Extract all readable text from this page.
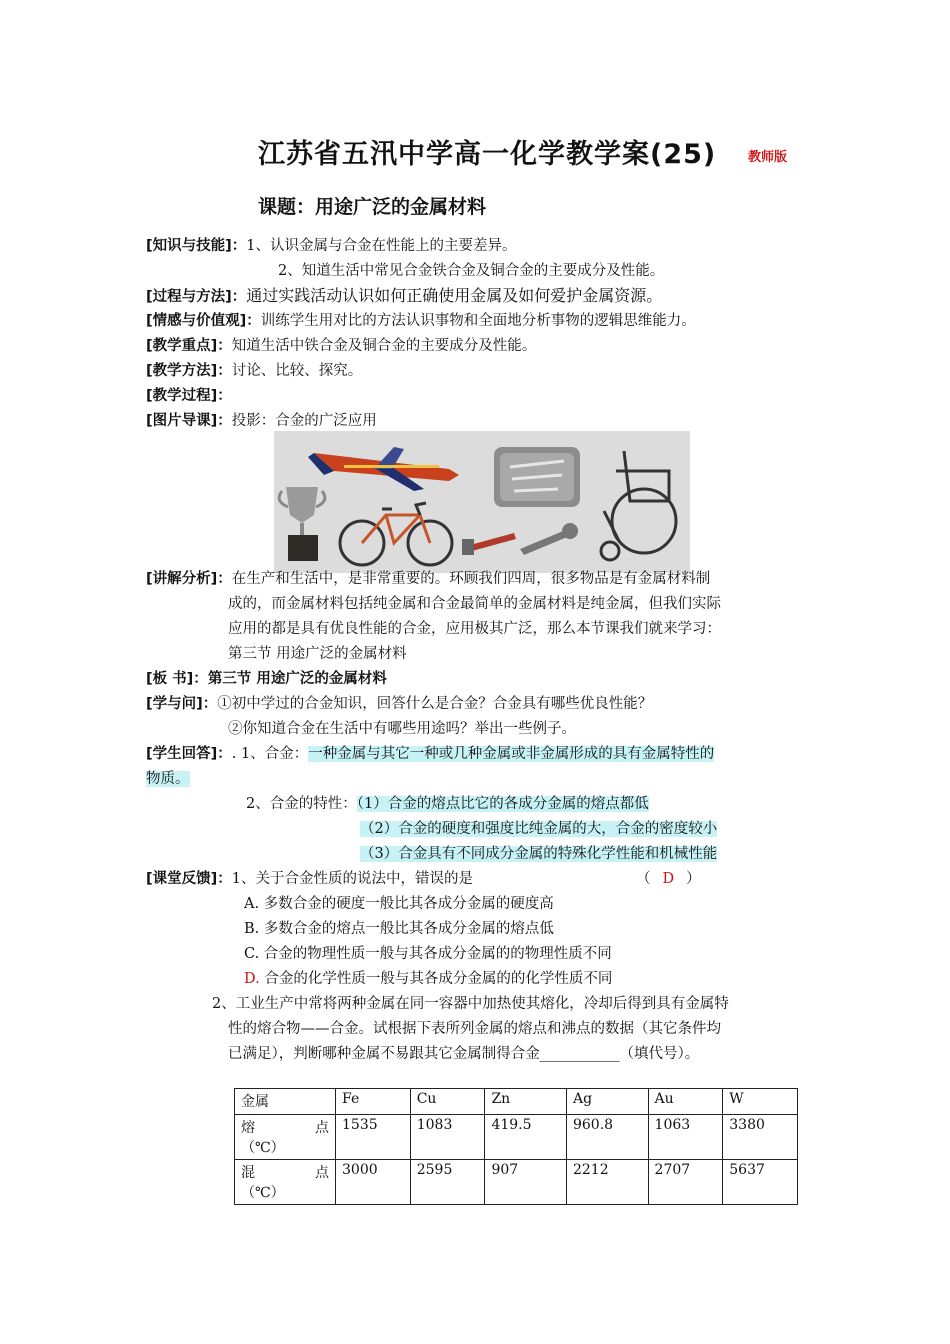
江苏省五汛中学高一化学教学案(25) 教师版
课题：用途广泛的金属材料
[知识与技能]：1、认识金属与合金在性能上的主要差异。
2、知道生活中常见合金铁合金及铜合金的主要成分及性能。
[过程与方法]：通过实践活动认识如何正确使用金属及如何爱护金属资源。
[情感与价值观]：训练学生用对比的方法认识事物和全面地分析事物的逻辑思维能力。
[教学重点]：知道生活中铁合金及铜合金的主要成分及性能。
[教学方法]：讨论、比较、探究。
[教学过程]：
[图片导课]：投影：合金的广泛应用
[讲解分析]：在生产和生活中，是非常重要的。环顾我们四周，很多物品是有金属材料制
成的，而金属材料包括纯金属和合金最简单的金属材料是纯金属，但我们实际
应用的都是具有优良性能的合金，应用极其广泛，那么本节课我们就来学习：
第三节 用途广泛的金属材料
[板 书]：第三节 用途广泛的金属材料
[学与问]：①初中学过的合金知识，回答什么是合金？合金具有哪些优良性能？
②你知道合金在生活中有哪些用途吗？举出一些例子。
[学生回答]：. 1、合金：一种金属与其它一种或几种金属或非金属形成的具有金属特性的
物质。
2、合金的特性：（1）合金的熔点比它的各成分金属的熔点都低
（2）合金的硬度和强度比纯金属的大，合金的密度较小
（3）合金具有不同成分金属的特殊化学性能和机械性能
[课堂反馈]：1、关于合金性质的说法中，错误的是	（ D ）
A. 多数合金的硬度一般比其各成分金属的硬度高
B. 多数合金的熔点一般比其各成分金属的熔点低
C. 合金的物理性质一般与其各成分金属的的物理性质不同
D. 合金的化学性质一般与其各成分金属的的化学性质不同
2、工业生产中常将两种金属在同一容器中加热使其熔化，冷却后得到具有金属特
性的熔合物——合金。试根据下表所列金属的熔点和沸点的数据（其它条件均
已满足），判断哪种金属不易跟其它金属制得合金___________（填代号）。
金属	Fe	Cu	Zn	Ag	Au	W

熔 点
（℃）	1535	1083	419.5	960.8	1063	3380

混 点
（℃）	3000	2595	907	2212	2707	5637
